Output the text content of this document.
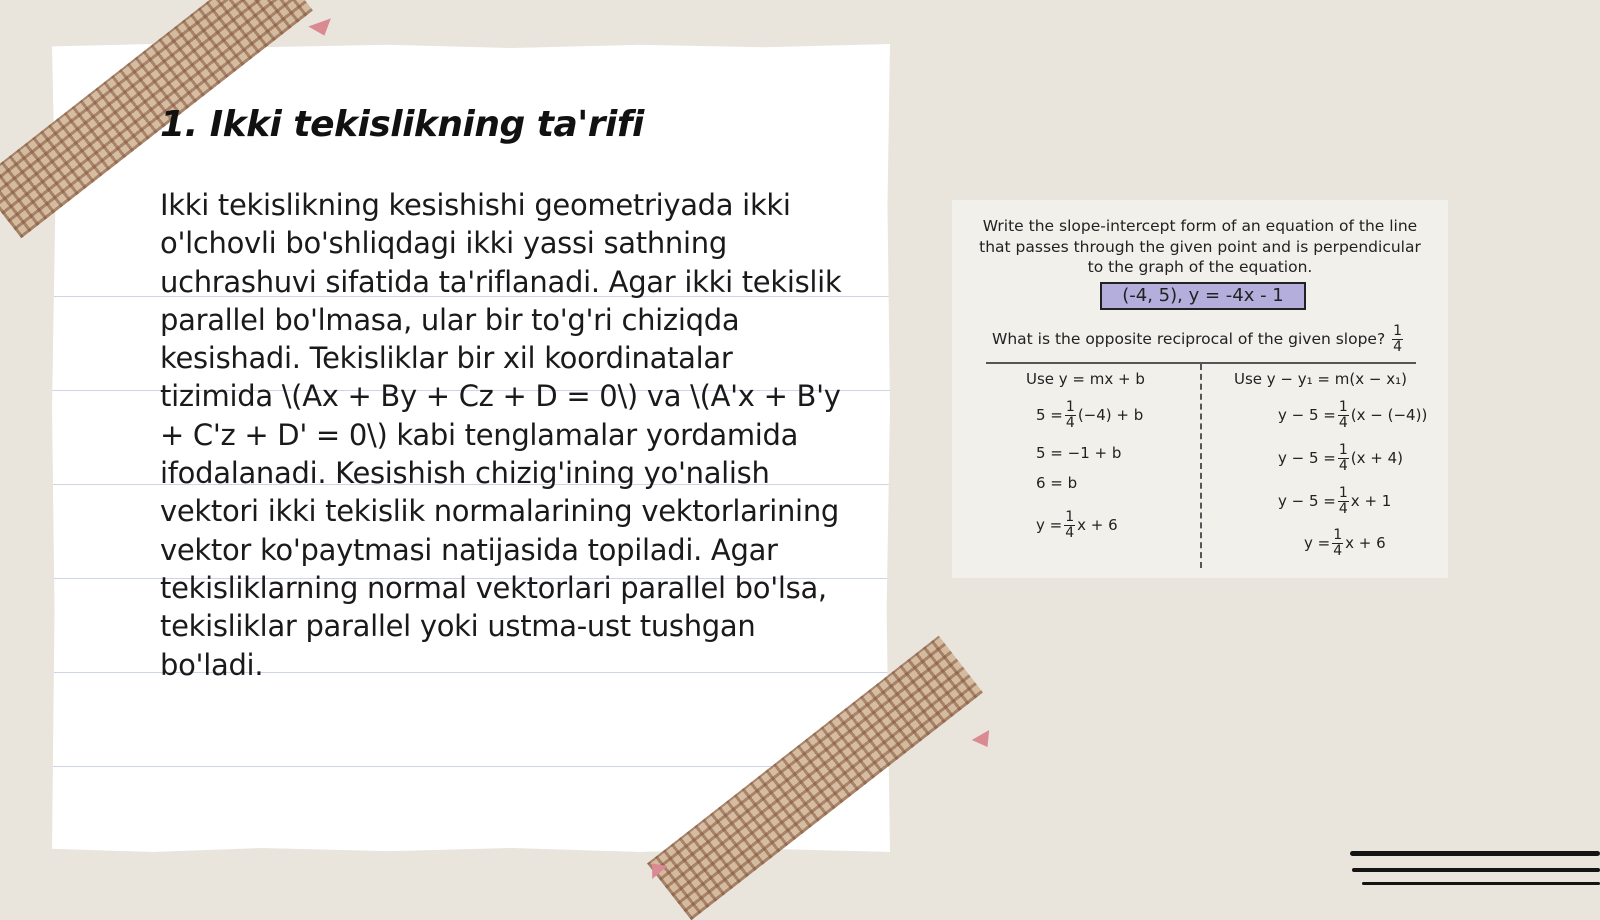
1. Ikki tekislikning ta'rifi

Ikki tekislikning kesishishi geometriyada ikki o'lchovli bo'shliqdagi ikki yassi sathning uchrashuvi sifatida ta'riflanadi. Agar ikki tekislik parallel bo'lmasa, ular bir to'g'ri chiziqda kesishadi. Tekisliklar bir xil koordinatalar tizimida \(Ax + By + Cz + D = 0\) va \(A'x + B'y + C'z + D' = 0\) kabi tenglamalar yordamida ifodalanadi. Kesishish chizig'ining yo'nalish vektori ikki tekislik normalarining vektorlarining vektor ko'paytmasi natijasida topiladi. Agar tekisliklarning normal vektorlari parallel bo'lsa, tekisliklar parallel yoki ustma-ust tushgan bo'ladi.

Write the slope-intercept form of an equation of the line
that passes through the given point and is perpendicular
to the graph of the equation.

(-4, 5), y = -4x - 1
What is the opposite reciprocal of the given slope? $\frac{1}{4}$
Use y = mx + b
$5 = \frac{1}{4} (-4) + b$
5 = −1 + b
6 = b
$y = \frac{1}{4}$ x + 6
Use y − y₁ = m(x − x₁)
$y - 5 = \frac{1}{4} (x - (-4))$
$y - 5 = \frac{1}{4} (x + 4)$
$y - 5 = \frac{1}{4}$ x + 1
$y = \frac{1}{4}$ x + 6
